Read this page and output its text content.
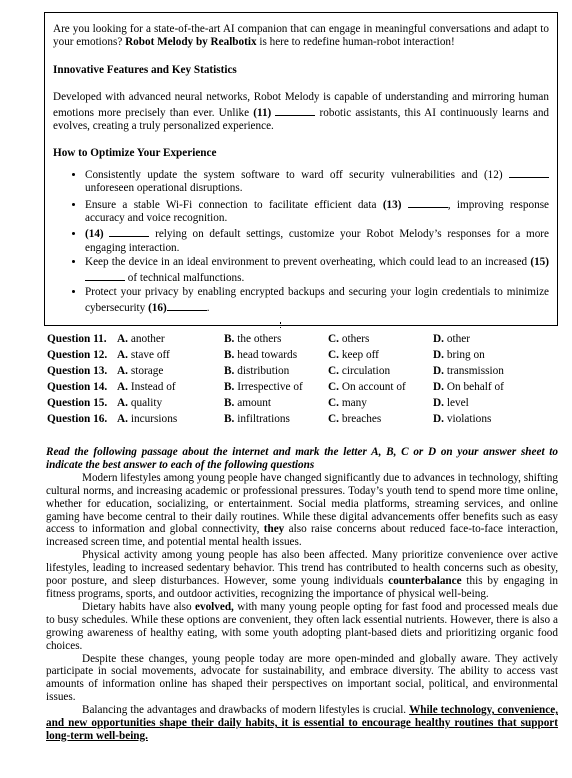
Are you looking for a state-of-the-art AI companion that can engage in meaningful conversations and adapt to your emotions? Robot Melody by Realbotix is here to redefine human-robot interaction!

Innovative Features and Key Statistics

Developed with advanced neural networks, Robot Melody is capable of understanding and mirroring human emotions more precisely than ever. Unlike (11)	robotic assistants, this AI continuously learns and evolves, creating a truly personalized experience.

How to Optimize Your Experience
• Consistently update the system software to ward off security vulnerabilities and (12)  unforeseen operational disruptions.
• Ensure a stable Wi-Fi connection to facilitate efficient data (13)	, improving response accuracy and voice recognition.
• (14)	relying on default settings, customize your Robot Melody’s responses for a more engaging interaction.
• Keep the device in an ideal environment to prevent overheating, which could lead to an increased (15) of technical malfunctions.
• Protect your privacy by enabling encrypted backups and securing your login credentials to minimize cybersecurity (16)	.
Question 11. A. another	B. the others	C. others	D. other
Question 12. A. stave off	B. head towards	C. keep off	D. bring on
Question 13. A. storage	B. distribution	C. circulation	D. transmission
Question 14. A. Instead of	B. Irrespective of C. On account of D. On behalf of
Question 15. A. quality	B. amount	C. many	D. level
Question 16. A. incursions	B. infiltrations	C. breaches	D. violations

Read the following passage about the internet and mark the letter A, B, C or D on your answer sheet to indicate the best answer to each of the following questions

Modern lifestyles among young people have changed significantly due to advances in technology, shifting cultural norms, and increasing academic or professional pressures. Today’s youth tend to spend more time online, whether for education, socializing, or entertainment. Social media platforms, streaming services, and online gaming have become central to their daily routines. While these digital advancements offer benefits such as easy access to information and global connectivity, they also raise concerns about reduced face-to-face interaction, increased screen time, and potential mental health issues.

Physical activity among young people has also been affected. Many prioritize convenience over active lifestyles, leading to increased sedentary behavior. This trend has contributed to health concerns such as obesity, poor posture, and sleep disturbances. However, some young individuals counterbalance this by engaging in fitness programs, sports, and outdoor activities, recognizing the importance of physical well-being.

Dietary habits have also evolved, with many young people opting for fast food and processed meals due to busy schedules. While these options are convenient, they often lack essential nutrients. However, there is also a growing awareness of healthy eating, with some youth adopting plant-based diets and prioritizing organic food choices.

Despite these changes, young people today are more open-minded and globally aware. They actively participate in social movements, advocate for sustainability, and embrace diversity. The ability to access vast amounts of information online has shaped their perspectives on important social, political, and environmental issues.

Balancing the advantages and drawbacks of modern lifestyles is crucial. While technology, convenience, and new opportunities shape their daily habits, it is essential to encourage healthy routines that support long-term well-being.
